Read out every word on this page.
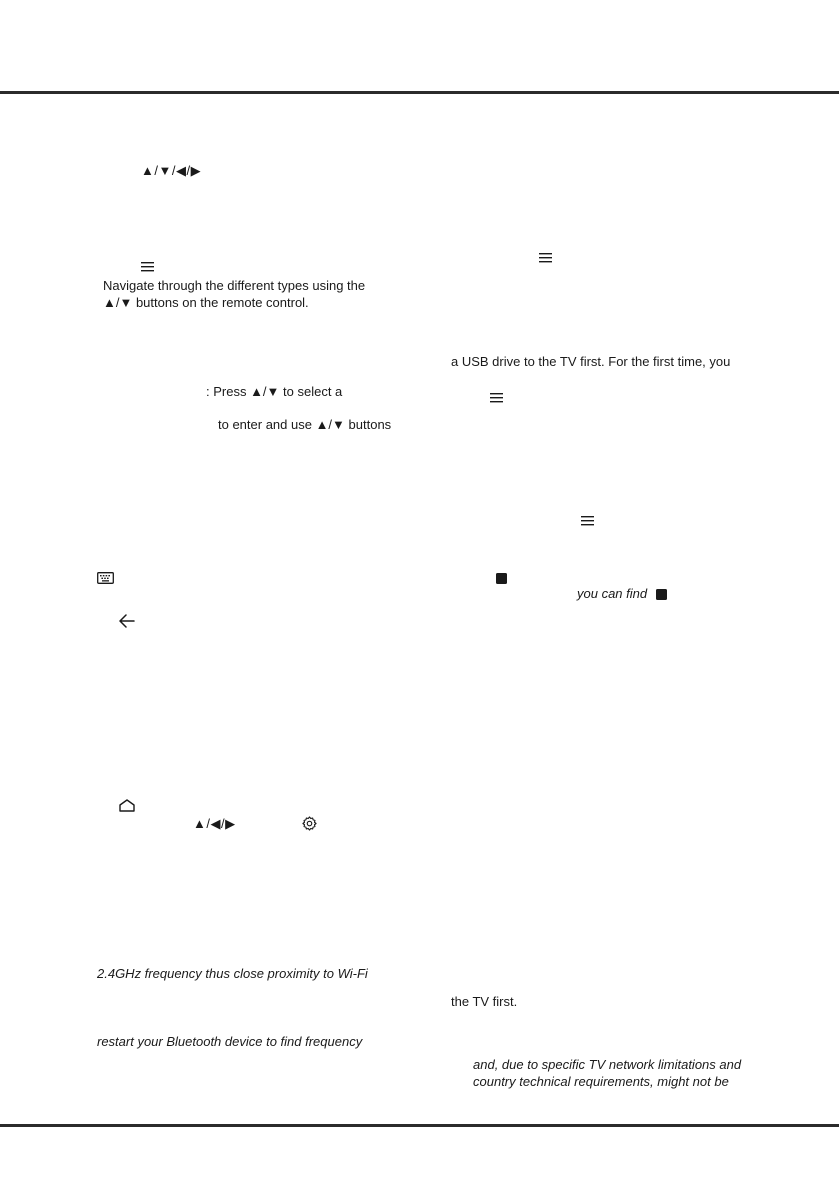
▲/▼/◀/▶
Navigate through the different types using the
▲/▼ buttons on the remote control.
: Press ▲/▼ to select a
to enter and use ▲/▼ buttons
▲/◀/▶
2.4GHz frequency thus close proximity to Wi-Fi
restart your Bluetooth device to find frequency
a USB drive to the TV first. For the first time, you
you can find
the TV first.
and, due to specific TV network limitations and
country technical requirements, might not be
